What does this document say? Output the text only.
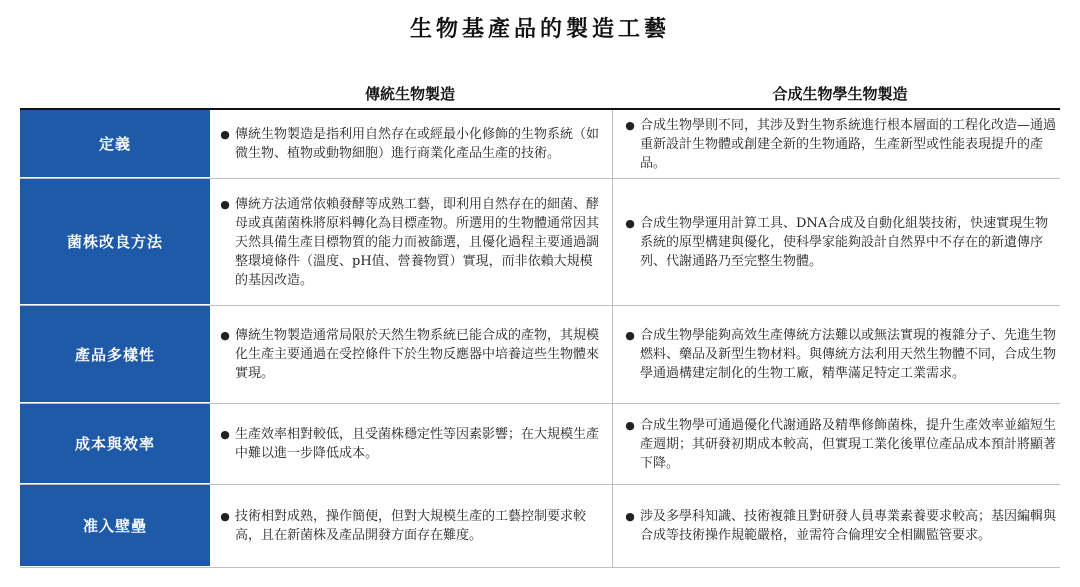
生物基產品的製造工藝
傳統生物製造	合成生物學生物製造
定義
● 傳統生物製造是指利用自然存在或經最小化修飾的生物系統（如微生物、植物或動物細胞）進行商業化產品生產的技術。
● 合成生物學則不同，其涉及對生物系統進行根本層面的工程化改造—通過重新設計生物體或創建全新的生物通路，生產新型或性能表現提升的產品。
菌株改良方法
● 傳統方法通常依賴發酵等成熟工藝，即利用自然存在的細菌、酵母或真菌菌株將原料轉化為目標產物。所選用的生物體通常因其天然具備生產目標物質的能力而被篩選，且優化過程主要通過調整環境條件（溫度、pH值、營養物質）實現，而非依賴大規模的基因改造。
● 合成生物學運用計算工具、DNA合成及自動化組裝技術，快速實現生物系統的原型構建與優化，使科學家能夠設計自然界中不存在的新遺傳序列、代謝通路乃至完整生物體。
產品多樣性
● 傳統生物製造通常局限於天然生物系統已能合成的產物，其規模化生產主要通過在受控條件下於生物反應器中培養這些生物體來實現。
● 合成生物學能夠高效生產傳統方法難以或無法實現的複雜分子、先進生物燃料、藥品及新型生物材料。與傳統方法利用天然生物體不同，合成生物學通過構建定制化的生物工廠，精準滿足特定工業需求。
成本與效率
● 生產效率相對較低，且受菌株穩定性等因素影響；在大規模生產中難以進一步降低成本。
● 合成生物學可通過優化代謝通路及精準修飾菌株，提升生產效率並縮短生產週期；其研發初期成本較高，但實現工業化後單位產品成本預計將顯著下降。
准入壁壘
● 技術相對成熟，操作簡便，但對大規模生產的工藝控制要求較高，且在新菌株及產品開發方面存在難度。
● 涉及多學科知識、技術複雜且對研發人員專業素養要求較高；基因編輯與合成等技術操作規範嚴格，並需符合倫理安全相關監管要求。
